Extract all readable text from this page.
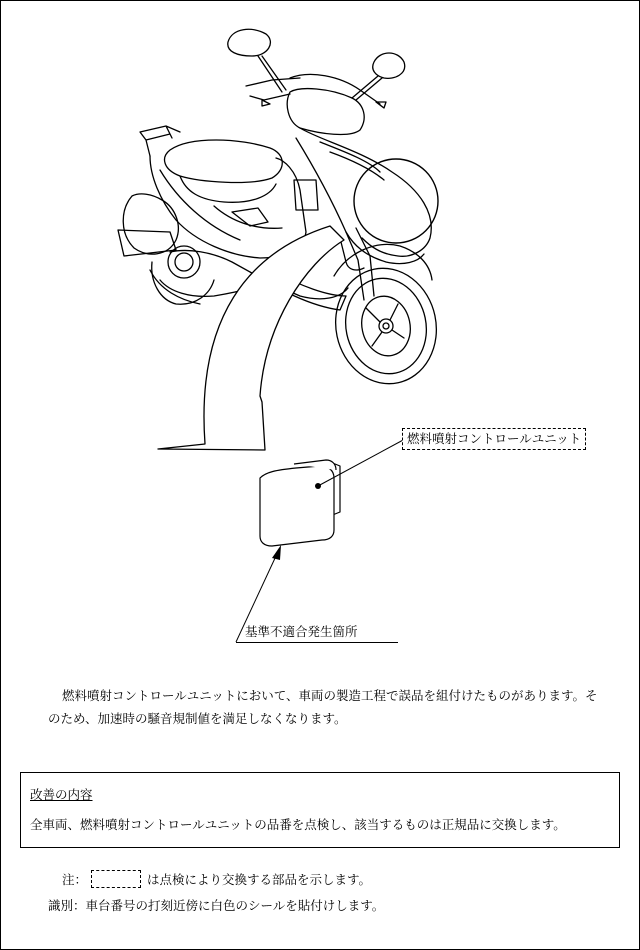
燃料噴射コントロールユニット
基準不適合発生箇所

燃料噴射コントロールユニットにおいて、車両の製造工程で誤品を組付けたものがあります。そのため、加速時の騒音規制値を満足しなくなります。

改善の内容
全車両、燃料噴射コントロールユニットの品番を点検し、該当するものは正規品に交換します。
注：	は点検により交換する部品を示します。
識別：車台番号の打刻近傍に白色のシールを貼付けします。
